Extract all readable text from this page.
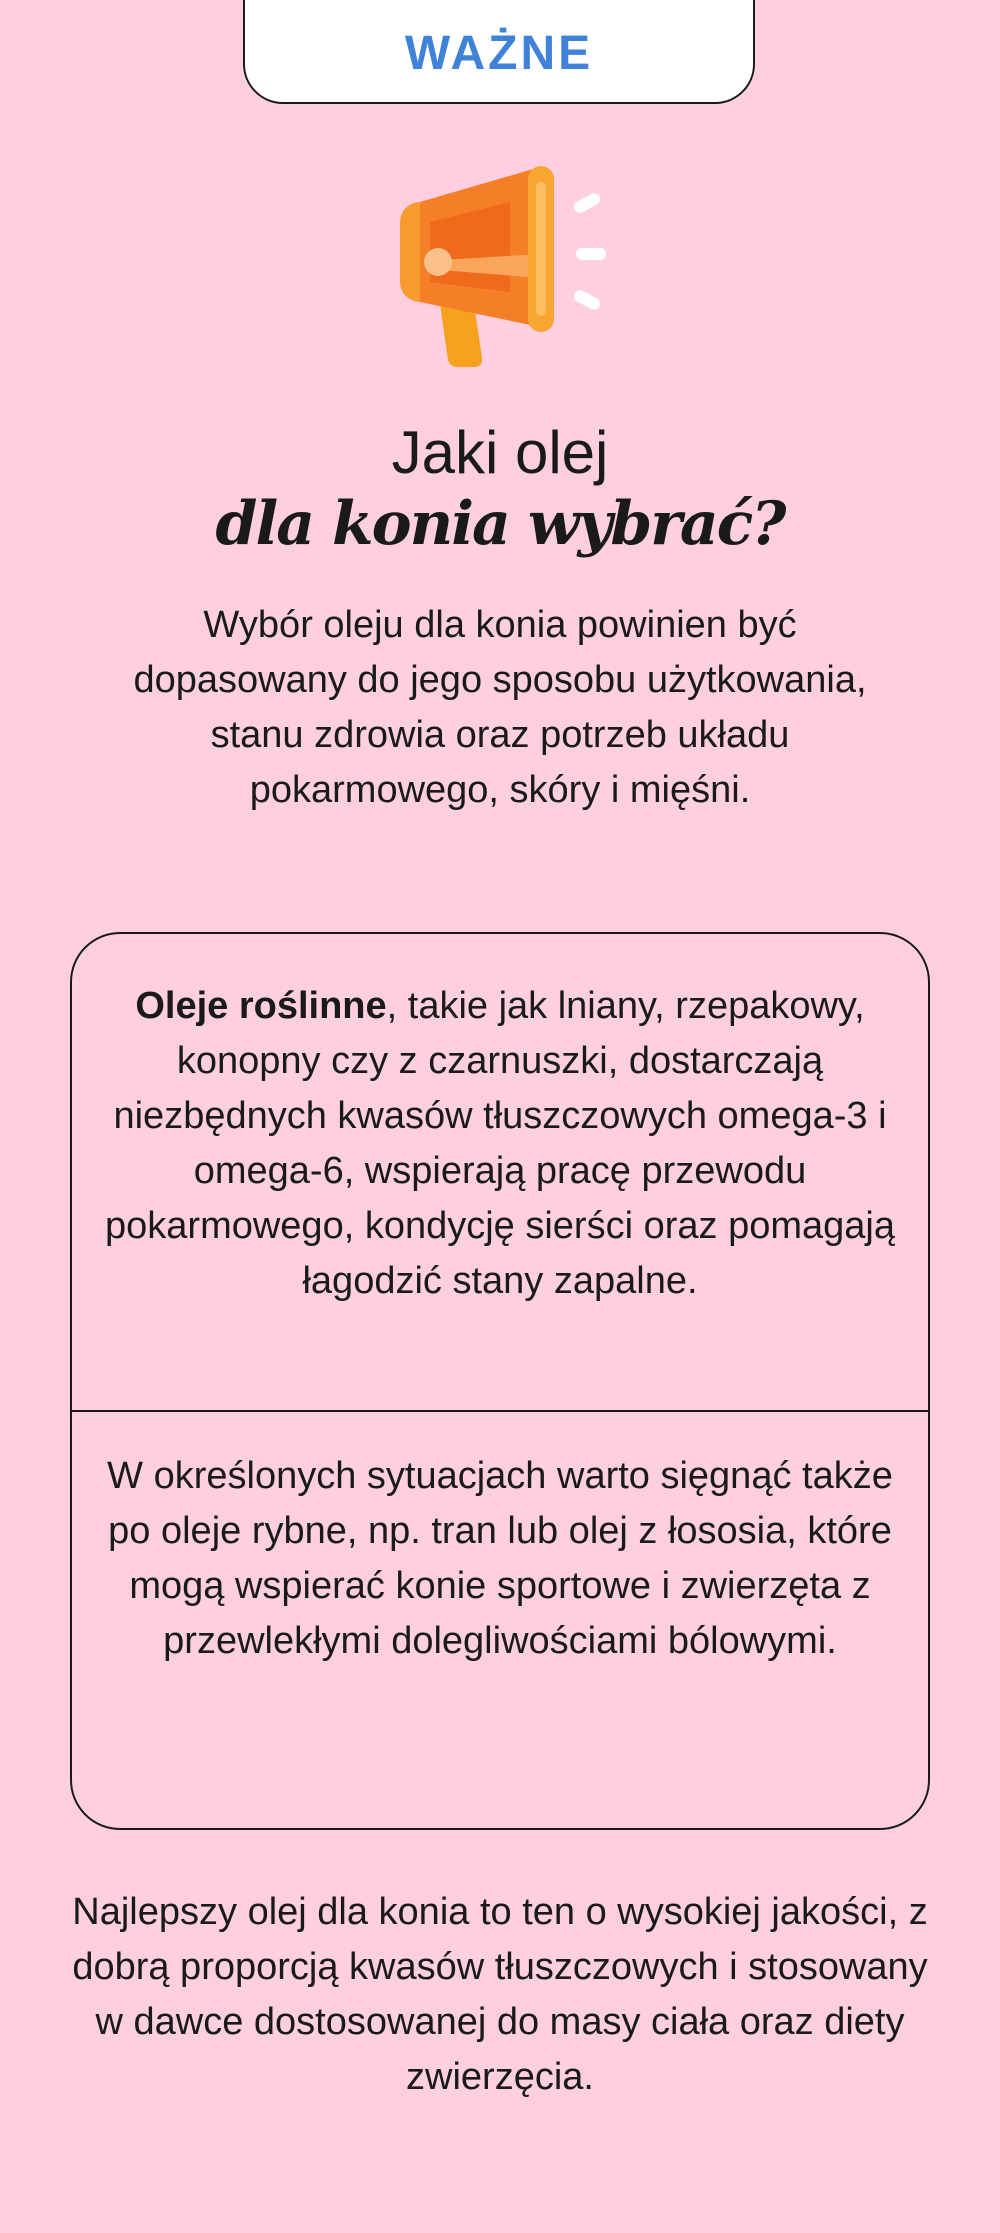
WAŻNE
Jaki olej
dla konia wybrać?

Wybór oleju dla konia powinien być dopasowany do jego sposobu użytkowania, stanu zdrowia oraz potrzeb układu pokarmowego, skóry i mięśni.

Oleje roślinne, takie jak lniany, rzepakowy, konopny czy z czarnuszki, dostarczają niezbędnych kwasów tłuszczowych omega-3 i omega-6, wspierają pracę przewodu pokarmowego, kondycję sierści oraz pomagają łagodzić stany zapalne.

W określonych sytuacjach warto sięgnąć także po oleje rybne, np. tran lub olej z łososia, które mogą wspierać konie sportowe i zwierzęta z przewlekłymi dolegliwościami bólowymi.

Najlepszy olej dla konia to ten o wysokiej jakości, z dobrą proporcją kwasów tłuszczowych i stosowany w dawce dostosowanej do masy ciała oraz diety zwierzęcia.
